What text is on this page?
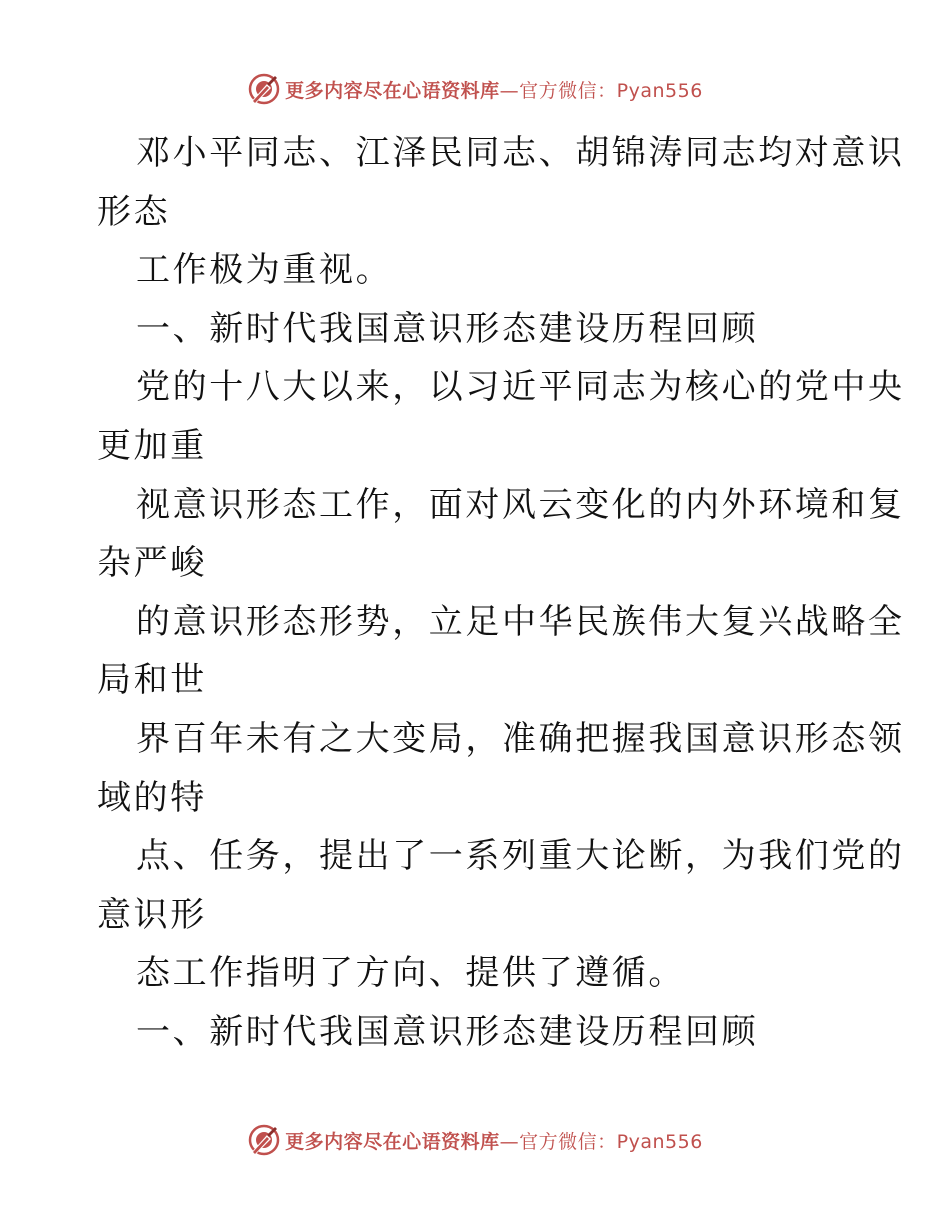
更多内容尽在心语资料库 —官方微信：Pyan556
邓小平同志、江泽民同志、胡锦涛同志均对意识
形态
工作极为重视。
一、新时代我国意识形态建设历程回顾
党的十八大以来，以习近平同志为核心的党中央
更加重
视意识形态工作，面对风云变化的内外环境和复
杂严峻
的意识形态形势，立足中华民族伟大复兴战略全
局和世
界百年未有之大变局，准确把握我国意识形态领
域的特
点、任务，提出了一系列重大论断，为我们党的
意识形
态工作指明了方向、提供了遵循。
一、新时代我国意识形态建设历程回顾
更多内容尽在心语资料库 —官方微信：Pyan556
